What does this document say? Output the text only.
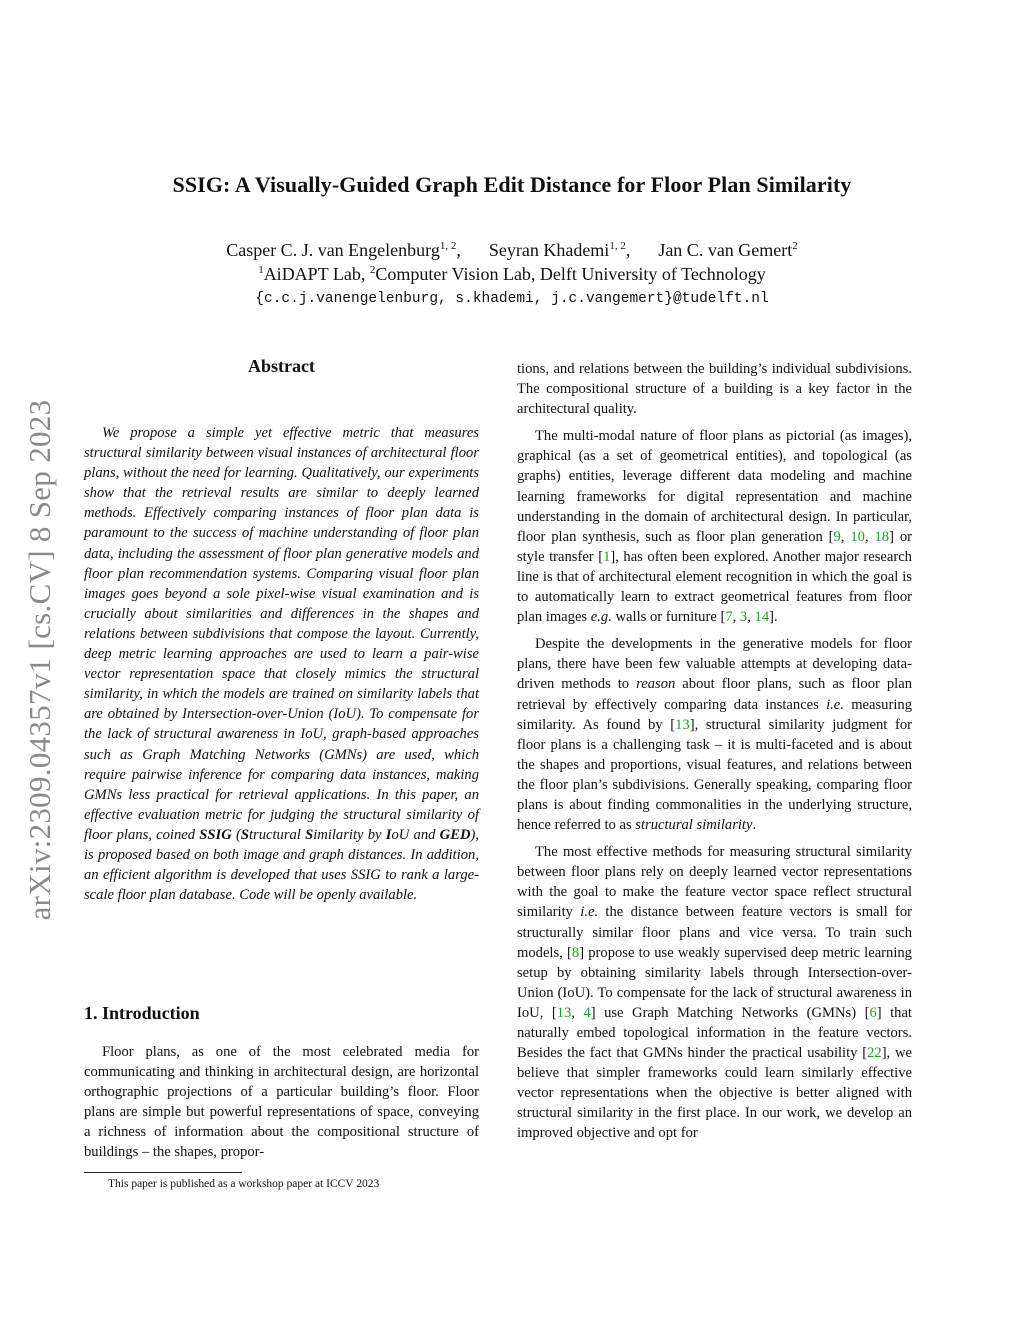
arXiv:2309.04357v1 [cs.CV] 8 Sep 2023
SSIG: A Visually-Guided Graph Edit Distance for Floor Plan Similarity
Casper C. J. van Engelenburg$^{1, 2}$, Seyran Khademi$^{1, 2}$, Jan C. van Gemert$^2$
$^1$AiDAPT Lab, $^2$Computer Vision Lab, Delft University of Technology
{c.c.j.vanengelenburg, s.khademi, j.c.vangemert}@tudelft.nl
Abstract
We propose a simple yet effective metric that measures structural similarity between visual instances of architectural floor plans, without the need for learning. Qualitatively, our experiments show that the retrieval results are similar to deeply learned methods. Effectively comparing instances of floor plan data is paramount to the success of machine understanding of floor plan data, including the assessment of floor plan generative models and floor plan recommendation systems. Comparing visual floor plan images goes beyond a sole pixel-wise visual examination and is crucially about similarities and differences in the shapes and relations between subdivisions that compose the layout. Currently, deep metric learning approaches are used to learn a pair-wise vector representation space that closely mimics the structural similarity, in which the models are trained on similarity labels that are obtained by Intersection-over-Union (IoU). To compensate for the lack of structural awareness in IoU, graph-based approaches such as Graph Matching Networks (GMNs) are used, which require pairwise inference for comparing data instances, making GMNs less practical for retrieval applications. In this paper, an effective evaluation metric for judging the structural similarity of floor plans, coined SSIG (Structural Similarity by IoU and GED), is proposed based on both image and graph distances. In addition, an efficient algorithm is developed that uses SSIG to rank a large-scale floor plan database. Code will be openly available.
1. Introduction
Floor plans, as one of the most celebrated media for communicating and thinking in architectural design, are horizontal orthographic projections of a particular building’s floor. Floor plans are simple but powerful representations of space, conveying a richness of information about the compositional structure of buildings – the shapes, propor-
This paper is published as a workshop paper at ICCV 2023

tions, and relations between the building’s individual subdivisions. The compositional structure of a building is a key factor in the architectural quality.

The multi-modal nature of floor plans as pictorial (as images), graphical (as a set of geometrical entities), and topological (as graphs) entities, leverage different data modeling and machine learning frameworks for digital representation and machine understanding in the domain of architectural design. In particular, floor plan synthesis, such as floor plan generation [9, 10, 18] or style transfer [1], has often been explored. Another major research line is that of architectural element recognition in which the goal is to automatically learn to extract geometrical features from floor plan images e.g. walls or furniture [7, 3, 14].

Despite the developments in the generative models for floor plans, there have been few valuable attempts at developing data-driven methods to reason about floor plans, such as floor plan retrieval by effectively comparing data instances i.e. measuring similarity. As found by [13], structural similarity judgment for floor plans is a challenging task – it is multi-faceted and is about the shapes and proportions, visual features, and relations between the floor plan’s subdivisions. Generally speaking, comparing floor plans is about finding commonalities in the underlying structure, hence referred to as structural similarity.

The most effective methods for measuring structural similarity between floor plans rely on deeply learned vector representations with the goal to make the feature vector space reflect structural similarity i.e. the distance between feature vectors is small for structurally similar floor plans and vice versa. To train such models, [8] propose to use weakly supervised deep metric learning setup by obtaining similarity labels through Intersection-over-Union (IoU). To compensate for the lack of structural awareness in IoU, [13, 4] use Graph Matching Networks (GMNs) [6] that naturally embed topological information in the feature vectors. Besides the fact that GMNs hinder the practical usability [22], we believe that simpler frameworks could learn similarly effective vector representations when the objective is better aligned with structural similarity in the first place. In our work, we develop an improved objective and opt for
